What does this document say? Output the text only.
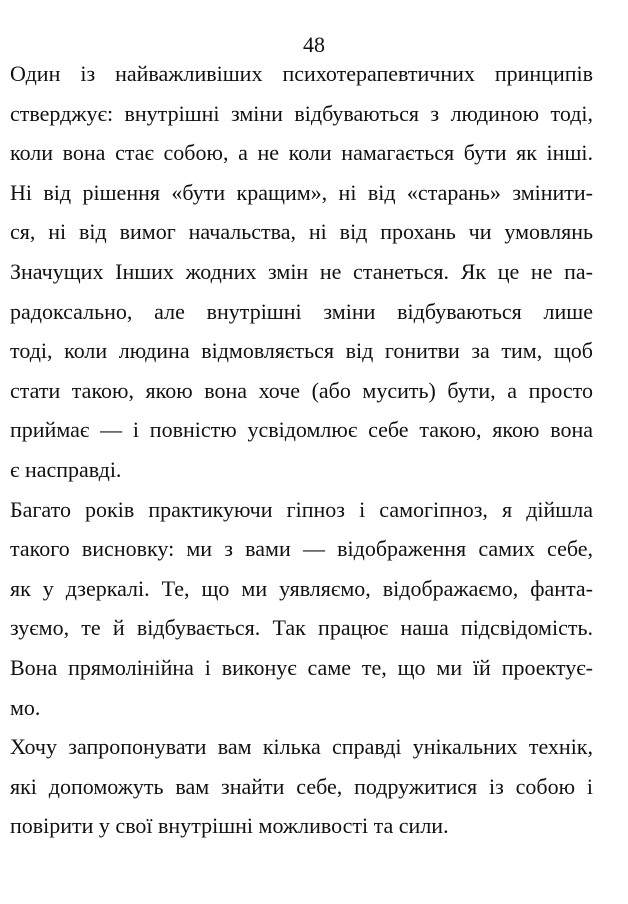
48
Один із найважливіших психотерапевтичних принципів
стверджує: внутрішні зміни відбуваються з людиною тоді,
коли вона стає собою, а не коли намагається бути як інші.
Ні від рішення «бути кращим», ні від «старань» змінити-
ся, ні від вимог начальства, ні від прохань чи умовлянь
Значущих Інших жодних змін не станеться. Як це не па-
радоксально, але внутрішні зміни відбуваються лише
тоді, коли людина відмовляється від гонитви за тим, щоб
стати такою, якою вона хоче (або мусить) бути, а просто
приймає — і повністю усвідомлює себе такою, якою вона
є насправді.
Багато років практикуючи гіпноз і самогіпноз, я дійшла
такого висновку: ми з вами — відображення самих себе,
як у дзеркалі. Те, що ми уявляємо, відображаємо, фанта-
зуємо, те й відбувається. Так працює наша підсвідомість.
Вона прямолінійна і виконує саме те, що ми їй проектує-
мо.
Хочу запропонувати вам кілька справді унікальних технік,
які допоможуть вам знайти себе, подружитися із собою і
повірити у свої внутрішні можливості та сили.
